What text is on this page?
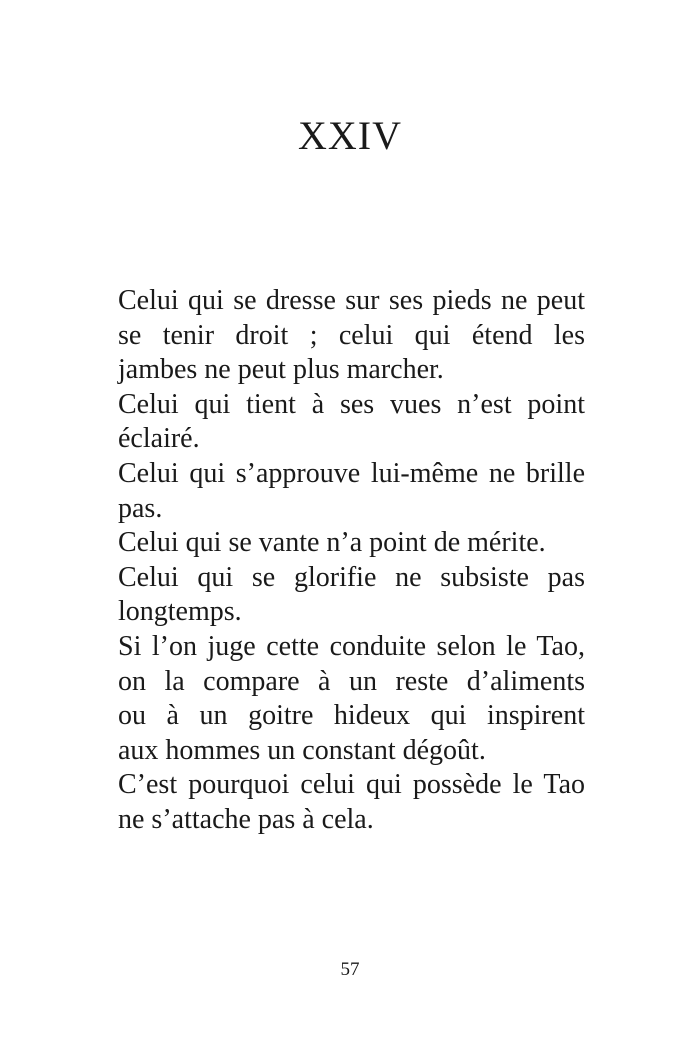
XXIV

Celui qui se dresse sur ses pieds ne peut
se tenir droit ; celui qui étend les
jambes ne peut plus marcher.

Celui qui tient à ses vues n’est point
éclairé.

Celui qui s’approuve lui-même ne brille
pas.

Celui qui se vante n’a point de mérite.

Celui qui se glorifie ne subsiste pas
longtemps.

Si l’on juge cette conduite selon le Tao,
on la compare à un reste d’aliments
ou à un goitre hideux qui inspirent
aux hommes un constant dégoût.

C’est pourquoi celui qui possède le Tao
ne s’attache pas à cela.

57
